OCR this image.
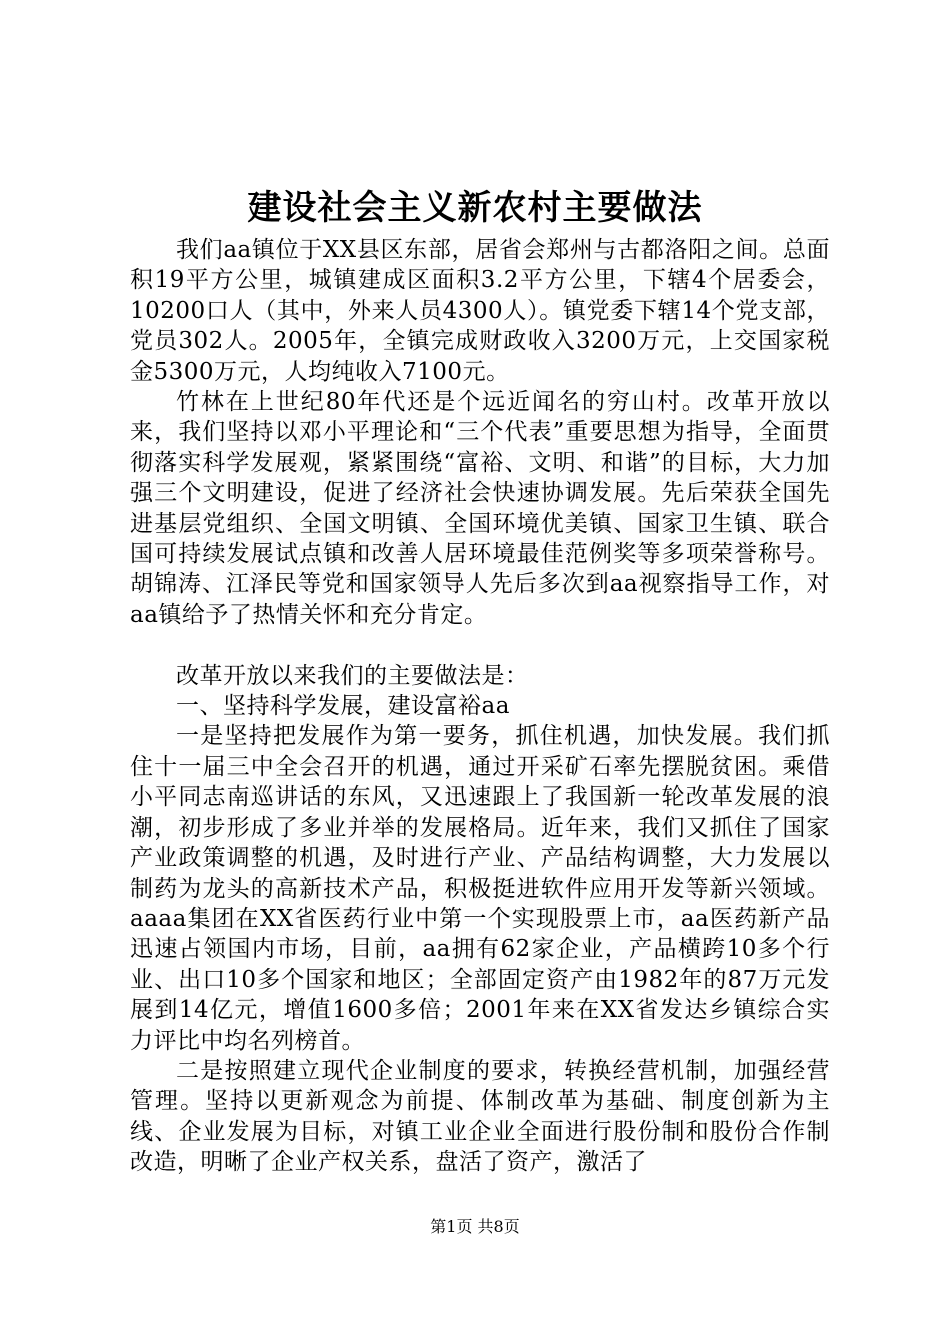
建设社会主义新农村主要做法

我们aa镇位于XX县区东部，居省会郑州与古都洛阳之间。总面积19平方公里，城镇建成区面积3.2平方公里，下辖4个居委会，10200口人（其中，外来人员4300人）。镇党委下辖14个党支部，党员302人。2005年，全镇完成财政收入3200万元，上交国家税金5300万元，人均纯收入7100元。

竹林在上世纪80年代还是个远近闻名的穷山村。改革开放以来，我们坚持以邓小平理论和“三个代表”重要思想为指导，全面贯彻落实科学发展观，紧紧围绕“富裕、文明、和谐”的目标，大力加强三个文明建设，促进了经济社会快速协调发展。先后荣获全国先进基层党组织、全国文明镇、全国环境优美镇、国家卫生镇、联合国可持续发展试点镇和改善人居环境最佳范例奖等多项荣誉称号。胡锦涛、江泽民等党和国家领导人先后多次到aa视察指导工作，对aa镇给予了热情关怀和充分肯定。

改革开放以来我们的主要做法是：

一、坚持科学发展，建设富裕aa

一是坚持把发展作为第一要务，抓住机遇，加快发展。我们抓住十一届三中全会召开的机遇，通过开采矿石率先摆脱贫困。乘借小平同志南巡讲话的东风，又迅速跟上了我国新一轮改革发展的浪潮，初步形成了多业并举的发展格局。近年来，我们又抓住了国家产业政策调整的机遇，及时进行产业、产品结构调整，大力发展以制药为龙头的高新技术产品，积极挺进软件应用开发等新兴领域。aaaa集团在XX省医药行业中第一个实现股票上市，aa医药新产品迅速占领国内市场，目前，aa拥有62家企业，产品横跨10多个行业、出口10多个国家和地区；全部固定资产由1982年的87万元发展到14亿元，增值1600多倍；2001年来在XX省发达乡镇综合实力评比中均名列榜首。

二是按照建立现代企业制度的要求，转换经营机制，加强经营管理。坚持以更新观念为前提、体制改革为基础、制度创新为主线、企业发展为目标，对镇工业企业全面进行股份制和股份合作制改造，明晰了企业产权关系，盘活了资产，激活了

第1页 共8页
